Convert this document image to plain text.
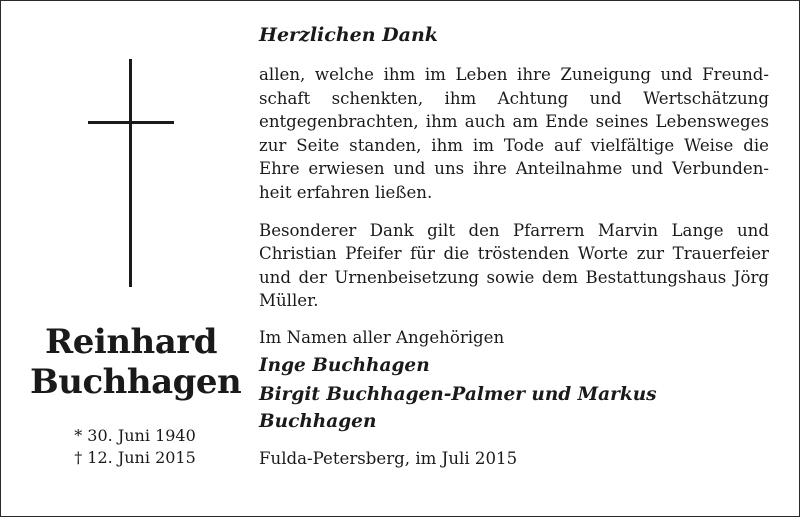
Reinhard
Buchhagen
* 30. Juni 1940
† 12. Juni 2015
Herzlichen Dank

allen, welche ihm im Leben ihre Zuneigung und Freundschaft schenkten, ihm Achtung und Wertschätzung entgegenbrachten, ihm auch am Ende seines Lebensweges zur Seite standen, ihm im Tode auf vielfältige Weise die Ehre erwiesen und uns ihre Anteilnahme und Verbundenheit erfahren ließen.

Besonderer Dank gilt den Pfarrern Marvin Lange und Christian Pfeifer für die tröstenden Worte zur Trauerfeier und der Urnenbeisetzung sowie dem Bestattungshaus Jörg Müller.

Im Namen aller Angehörigen
Inge Buchhagen
Birgit Buchhagen-Palmer und Markus Buchhagen
Fulda-Petersberg, im Juli 2015
